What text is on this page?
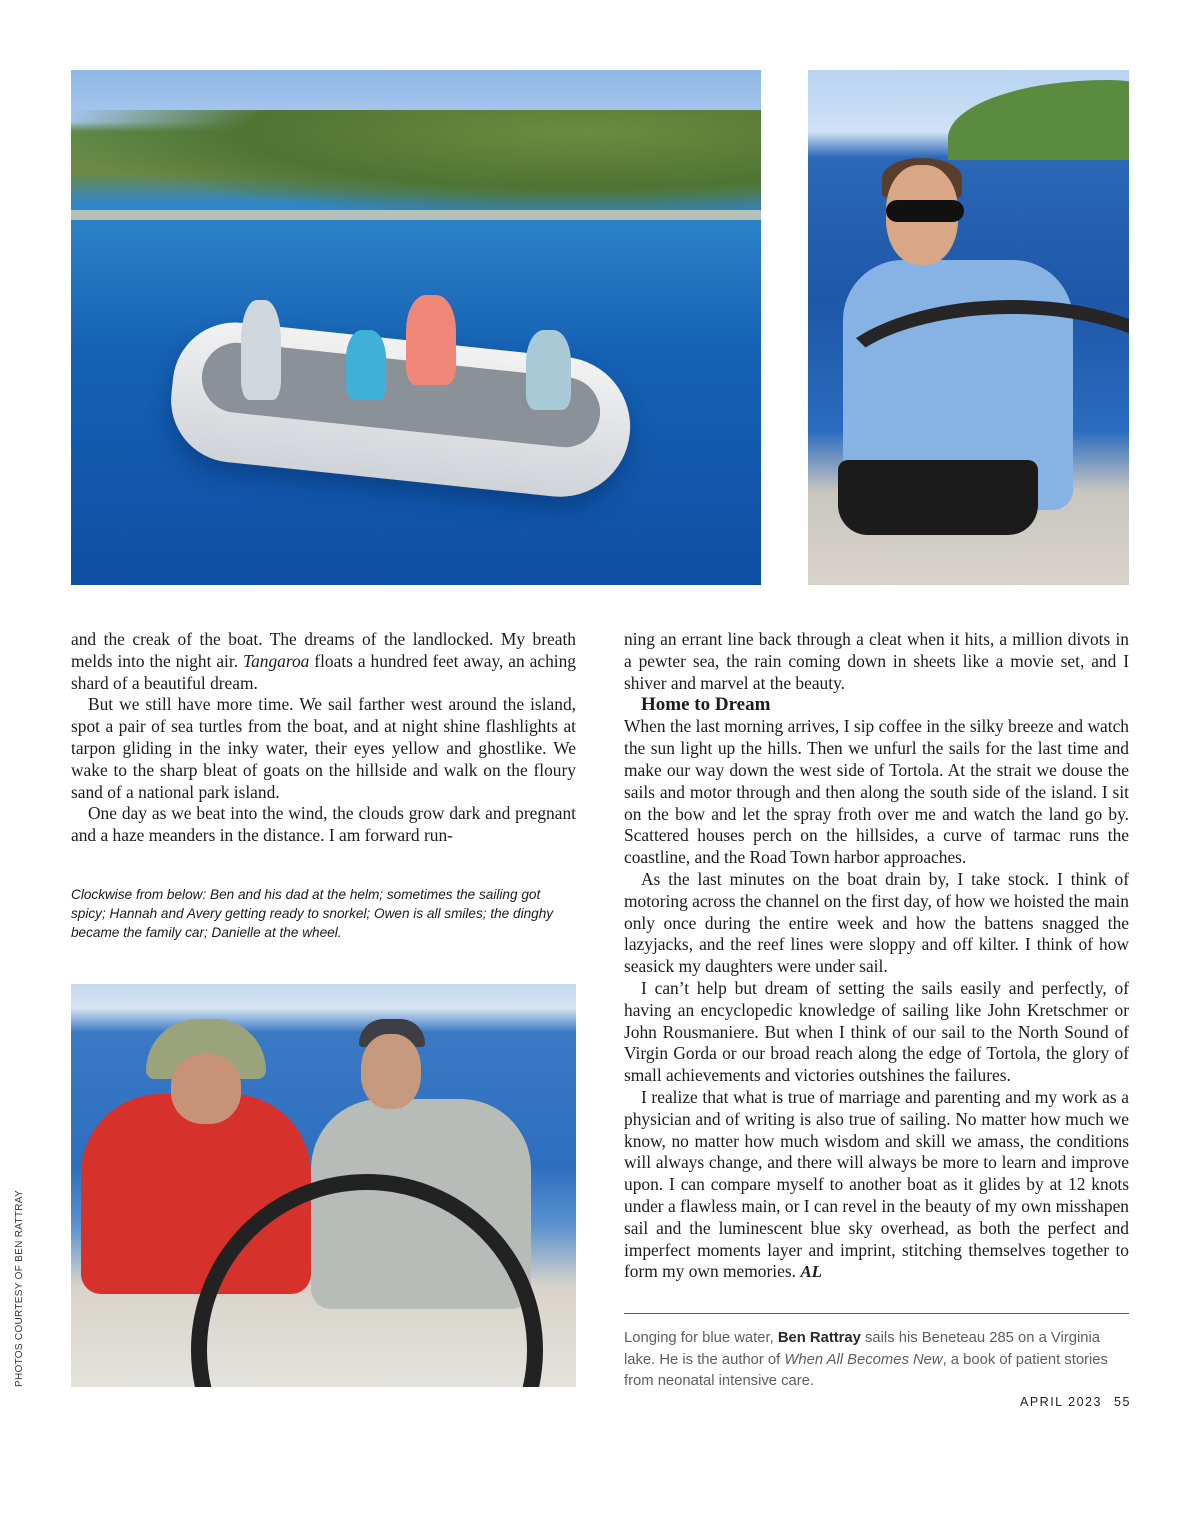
and the creak of the boat. The dreams of the landlocked. My breath melds into the night air. Tangaroa floats a hundred feet away, an aching shard of a beautiful dream.

But we still have more time. We sail farther west around the island, spot a pair of sea turtles from the boat, and at night shine flashlights at tarpon gliding in the inky water, their eyes yellow and ghostlike. We wake to the sharp bleat of goats on the hillside and walk on the floury sand of a national park island.

One day as we beat into the wind, the clouds grow dark and pregnant and a haze meanders in the distance. I am forward run-

Clockwise from below: Ben and his dad at the helm; sometimes the sailing got spicy; Hannah and Avery getting ready to snorkel; Owen is all smiles; the dinghy became the family car; Danielle at the wheel.

ning an errant line back through a cleat when it hits, a million divots in a pewter sea, the rain coming down in sheets like a movie set, and I shiver and marvel at the beauty.

Home to Dream

When the last morning arrives, I sip coffee in the silky breeze and watch the sun light up the hills. Then we unfurl the sails for the last time and make our way down the west side of Tortola. At the strait we douse the sails and motor through and then along the south side of the island. I sit on the bow and let the spray froth over me and watch the land go by. Scattered houses perch on the hillsides, a curve of tarmac runs the coastline, and the Road Town harbor approaches.

As the last minutes on the boat drain by, I take stock. I think of motoring across the channel on the first day, of how we hoisted the main only once during the entire week and how the battens snagged the lazyjacks, and the reef lines were sloppy and off kilter. I think of how seasick my daughters were under sail.

I can’t help but dream of setting the sails easily and perfectly, of having an encyclopedic knowledge of sailing like John Kretschmer or John Rousmaniere. But when I think of our sail to the North Sound of Virgin Gorda or our broad reach along the edge of Tortola, the glory of small achievements and victories outshines the failures.

I realize that what is true of marriage and parenting and my work as a physician and of writing is also true of sailing. No matter how much we know, no matter how much wisdom and skill we amass, the conditions will always change, and there will always be more to learn and improve upon. I can compare myself to another boat as it glides by at 12 knots under a flawless main, or I can revel in the beauty of my own misshapen sail and the luminescent blue sky overhead, as both the perfect and imperfect moments layer and imprint, stitching themselves together to form my own memories. AL

Longing for blue water, Ben Rattray sails his Beneteau 285 on a Virginia lake. He is the author of When All Becomes New, a book of patient stories from neonatal intensive care.
PHOTOS COURTESY OF BEN RATTRAY
APRIL 2023 55
